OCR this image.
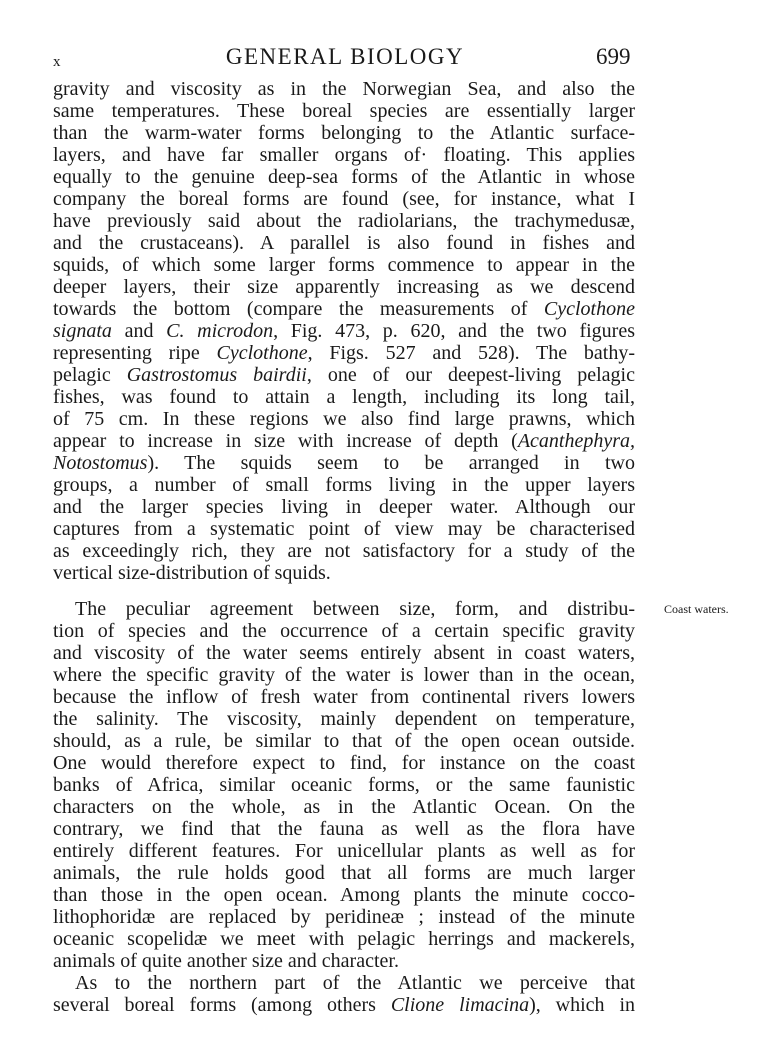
x	GENERAL BIOLOGY	699
gravity and viscosity as in the Norwegian Sea, and also the
same temperatures. These boreal species are essentially larger
than the warm-water forms belonging to the Atlantic surface-
layers, and have far smaller organs of· floating. This applies
equally to the genuine deep-sea forms of the Atlantic in whose
company the boreal forms are found (see, for instance, what I
have previously said about the radiolarians, the trachymedusæ,
and the crustaceans). A parallel is also found in fishes and
squids, of which some larger forms commence to appear in the
deeper layers, their size apparently increasing as we descend
towards the bottom (compare the measurements of Cyclothone
signata and C. microdon, Fig. 473, p. 620, and the two figures
representing ripe Cyclothone, Figs. 527 and 528). The bathy-
pelagic Gastrostomus bairdii, one of our deepest-living pelagic
fishes, was found to attain a length, including its long tail,
of 75 cm. In these regions we also find large prawns, which
appear to increase in size with increase of depth (Acanthephyra,
Notostomus). The squids seem to be arranged in two
groups, a number of small forms living in the upper layers
and the larger species living in deeper water. Although our
captures from a systematic point of view may be characterised
as exceedingly rich, they are not satisfactory for a study of the
vertical size-distribution of squids.
The peculiar agreement between size, form, and distribu-
tion of species and the occurrence of a certain specific gravity
and viscosity of the water seems entirely absent in coast waters,
where the specific gravity of the water is lower than in the ocean,
because the inflow of fresh water from continental rivers lowers
the salinity. The viscosity, mainly dependent on temperature,
should, as a rule, be similar to that of the open ocean outside.
One would therefore expect to find, for instance on the coast
banks of Africa, similar oceanic forms, or the same faunistic
characters on the whole, as in the Atlantic Ocean. On the
contrary, we find that the fauna as well as the flora have
entirely different features. For unicellular plants as well as for
animals, the rule holds good that all forms are much larger
than those in the open ocean. Among plants the minute cocco-
lithophoridæ are replaced by peridineæ ; instead of the minute
oceanic scopelidæ we meet with pelagic herrings and mackerels,
animals of quite another size and character.
As to the northern part of the Atlantic we perceive that
several boreal forms (among others Clione limacina), which in
Coast waters.
